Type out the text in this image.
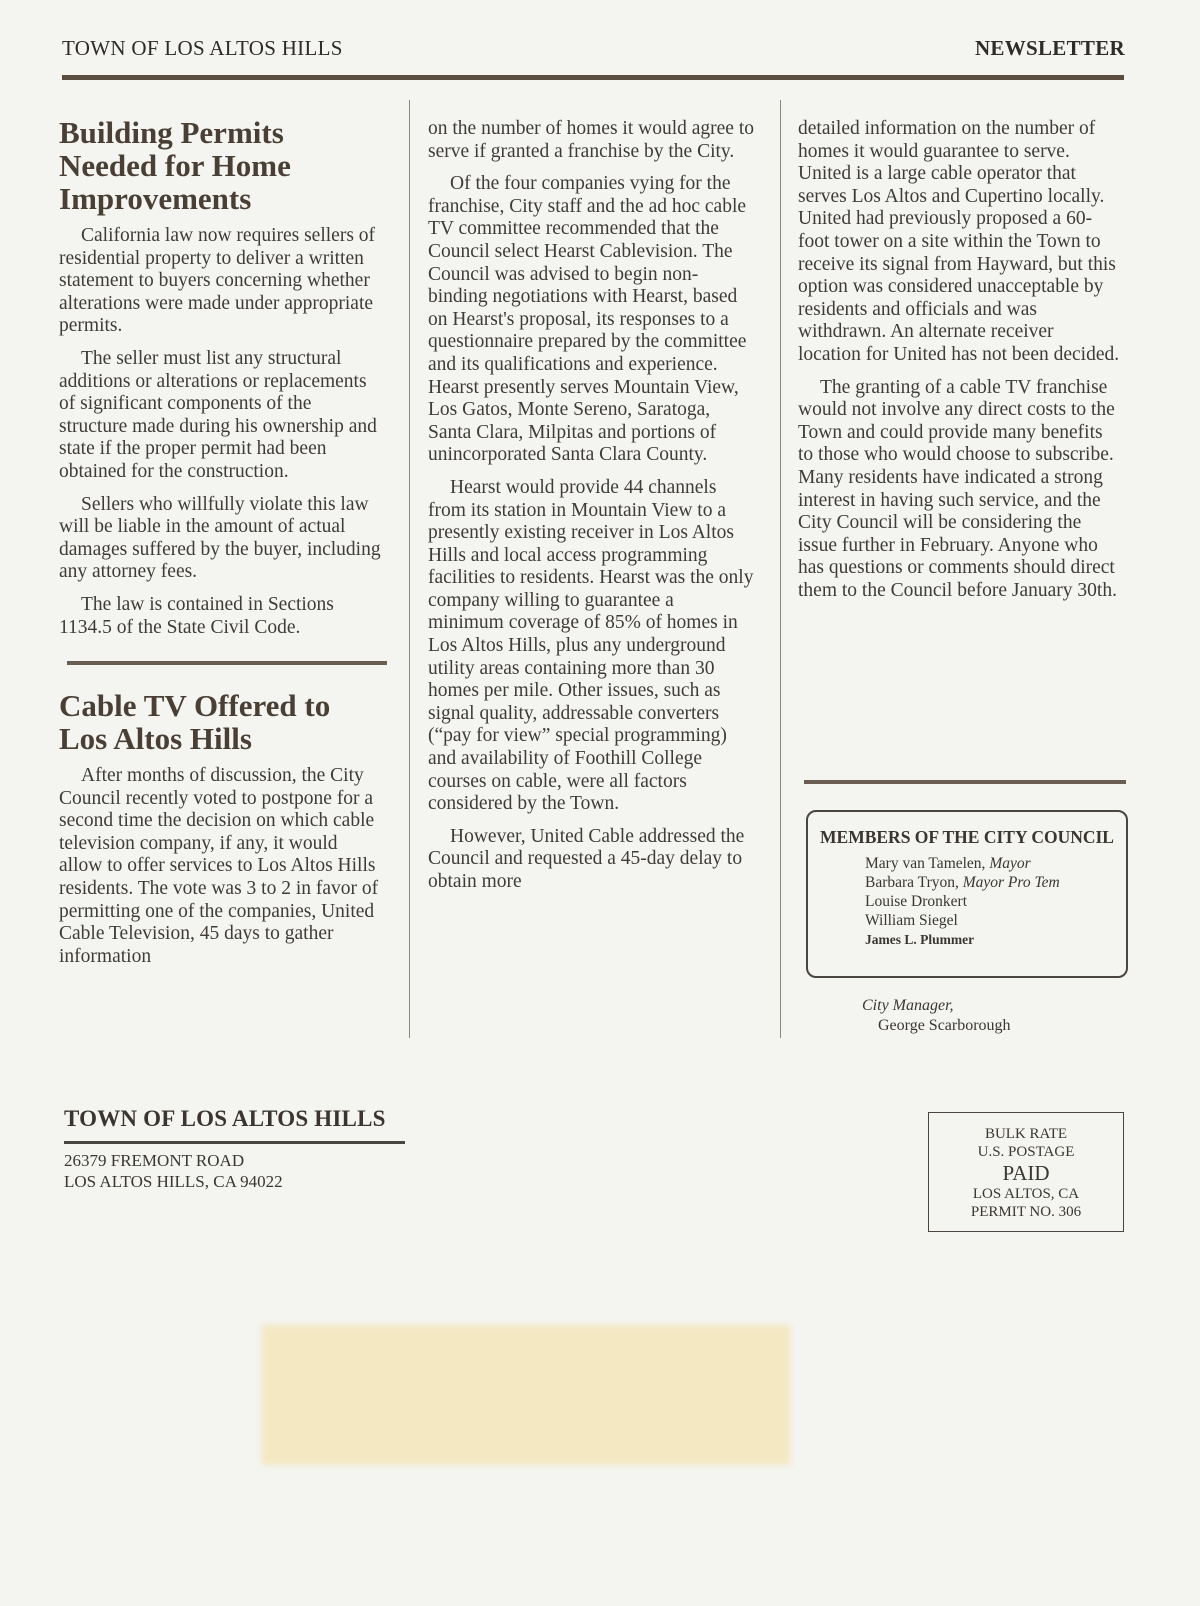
TOWN OF LOS ALTOS HILLS	NEWSLETTER
Building Permits Needed for Home Improvements

California law now requires sellers of residential property to deliver a written statement to buyers concerning whether alterations were made under appropriate permits.

The seller must list any structural additions or alterations or replacements of significant components of the structure made during his ownership and state if the proper permit had been obtained for the construction.

Sellers who willfully violate this law will be liable in the amount of actual damages suffered by the buyer, including any attorney fees.

The law is contained in Sections 1134.5 of the State Civil Code.

Cable TV Offered to Los Altos Hills

After months of discussion, the City Council recently voted to postpone for a second time the decision on which cable television company, if any, it would allow to offer services to Los Altos Hills residents. The vote was 3 to 2 in favor of permitting one of the companies, United Cable Television, 45 days to gather information

on the number of homes it would agree to serve if granted a franchise by the City.

Of the four companies vying for the franchise, City staff and the ad hoc cable TV committee recommended that the Council select Hearst Cablevision. The Council was advised to begin non-binding negotiations with Hearst, based on Hearst's proposal, its responses to a questionnaire prepared by the committee and its qualifications and experience. Hearst presently serves Mountain View, Los Gatos, Monte Sereno, Saratoga, Santa Clara, Milpitas and portions of unincorporated Santa Clara County.

Hearst would provide 44 channels from its station in Mountain View to a presently existing receiver in Los Altos Hills and local access programming facilities to residents. Hearst was the only company willing to guarantee a minimum coverage of 85% of homes in Los Altos Hills, plus any underground utility areas containing more than 30 homes per mile. Other issues, such as signal quality, addressable converters (“pay for view” special programming) and availability of Foothill College courses on cable, were all factors considered by the Town.

However, United Cable addressed the Council and requested a 45-day delay to obtain more

detailed information on the number of homes it would guarantee to serve. United is a large cable operator that serves Los Altos and Cupertino locally. United had previously proposed a 60-foot tower on a site within the Town to receive its signal from Hayward, but this option was considered unacceptable by residents and officials and was withdrawn. An alternate receiver location for United has not been decided.

The granting of a cable TV franchise would not involve any direct costs to the Town and could provide many benefits to those who would choose to subscribe. Many residents have indicated a strong interest in having such service, and the City Council will be considering the issue further in February. Anyone who has questions or comments should direct them to the Council before January 30th.

MEMBERS OF THE CITY COUNCIL
Mary van Tamelen, Mayor
Barbara Tryon, Mayor Pro Tem
Louise Dronkert
William Siegel
James L. Plummer
City Manager,
George Scarborough
TOWN OF LOS ALTOS HILLS
26379 FREMONT ROAD
LOS ALTOS HILLS, CA 94022
BULK RATE
U.S. POSTAGE
PAID
LOS ALTOS, CA
PERMIT NO. 306
